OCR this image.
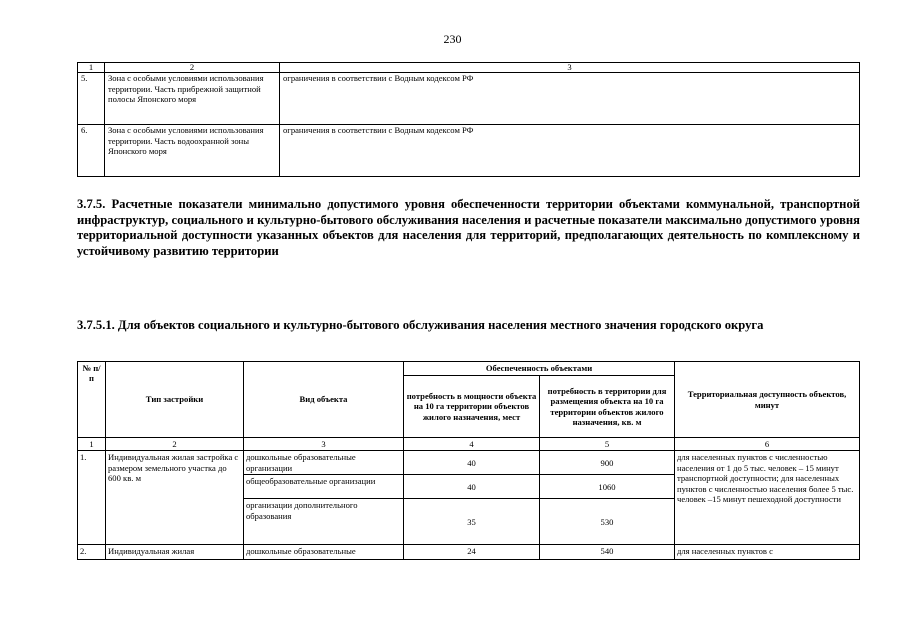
230
1	2	3
5.	Зона с особыми условиями использования территории. Часть прибрежной защитной полосы Японского моря	ограничения в соответствии с Водным кодексом РФ
6.	Зона с особыми условиями использования территории. Часть водоохранной зоны Японского моря	ограничения в соответствии с Водным кодексом РФ

3.7.5. Расчетные показатели минимально допустимого уровня обеспеченности территории объектами коммунальной, транспортной инфраструктур, социального и культурно-бытового обслуживания населения и расчетные показатели максимально допустимого уровня территориальной доступности указанных объектов для населения для территорий, предполагающих деятельность по комплексному и устойчивому развитию территории

3.7.5.1. Для объектов социального и культурно-бытового обслуживания населения местного значения городского округа

№ п/п	Тип застройки	Вид объекта	Обеспеченность объектами		Территориальная доступность объектов, минут
			потребность в мощности объекта на 10 га территории объектов жилого назначения, мест	потребность в территории для размещения объекта на 10 га территории объектов жилого назначения, кв. м	
1	2	3	4	5	6
1.	Индивидуальная жилая застройка с размером земельного участка до 600 кв. м	дошкольные образовательные организации	40	900	для населенных пунктов с численностью населения от 1 до 5 тыс. человек – 15 минут транспортной доступности; для населенных пунктов с численностью населения более 5 тыс. человек –15 минут пешеходной доступности
		общеобразовательные организации	40	1060	
		организации дополнительного образования	35	530	

2.	Индивидуальная жилая	дошкольные образовательные	24	540	для населенных пунктов с
